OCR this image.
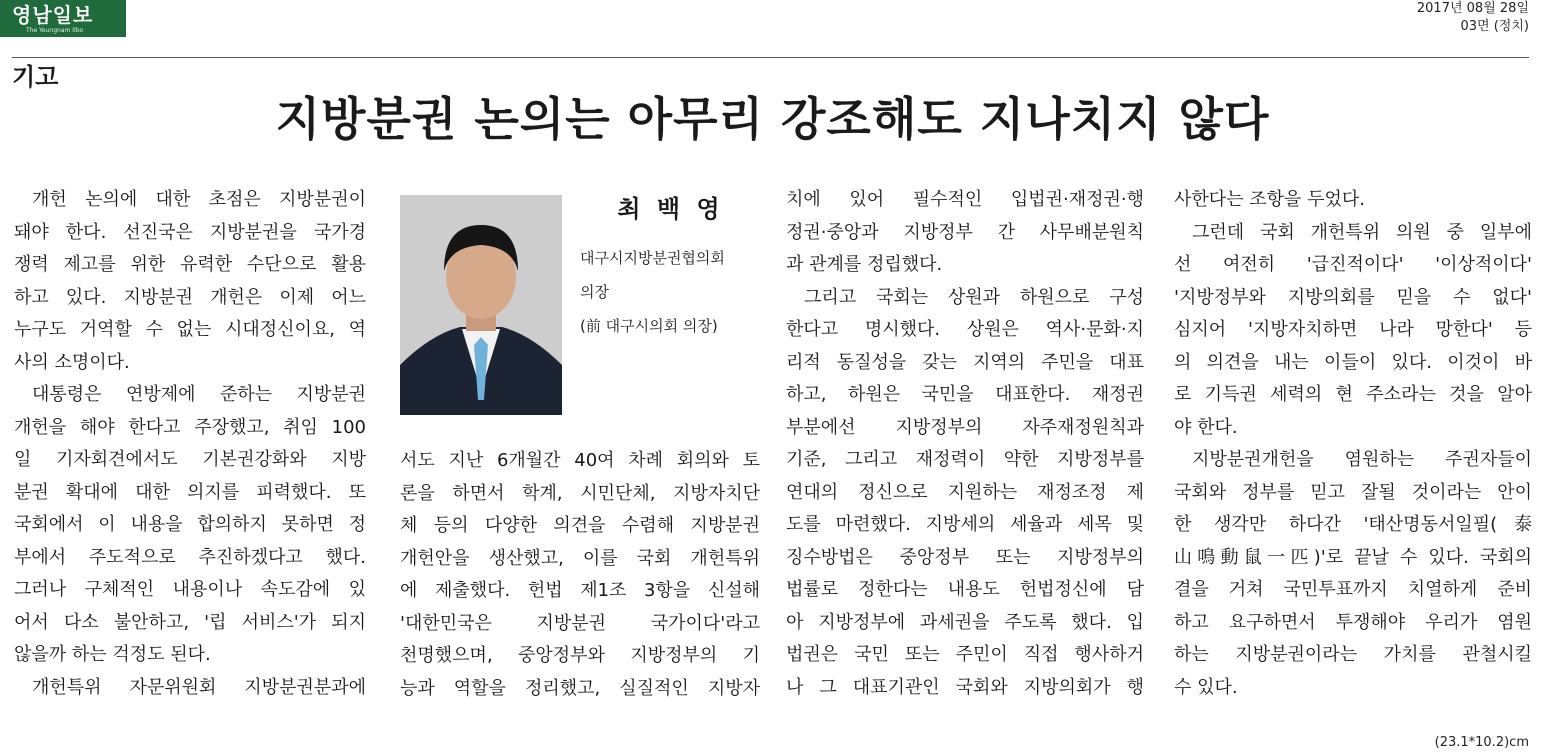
영남일보
The Yeungnam Ilbo
2017년 08월 28일
03면 (정치)
기고
지방분권 논의는 아무리 강조해도 지나치지 않다

개헌 논의에 대한 초점은 지방분권이

돼야 한다. 선진국은 지방분권을 국가경

쟁력 제고를 위한 유력한 수단으로 활용

하고 있다. 지방분권 개헌은 이제 어느

누구도 거역할 수 없는 시대정신이요, 역

사의 소명이다.

대통령은 연방제에 준하는 지방분권

개헌을 해야 한다고 주장했고, 취임 100

일 기자회견에서도 기본권강화와 지방

분권 확대에 대한 의지를 피력했다. 또

국회에서 이 내용을 합의하지 못하면 정

부에서 주도적으로 추진하겠다고 했다.

그러나 구체적인 내용이나 속도감에 있

어서 다소 불안하고, '립 서비스'가 되지

않을까 하는 걱정도 된다.

개헌특위 자문위원회 지방분권분과에

최 백 영
대구시지방분권협의회
의장
(前 대구시의회 의장)

서도 지난 6개월간 40여 차례 회의와 토

론을 하면서 학계, 시민단체, 지방자치단

체 등의 다양한 의견을 수렴해 지방분권

개헌안을 생산했고, 이를 국회 개헌특위

에 제출했다. 헌법 제1조 3항을 신설해

'대한민국은 지방분권 국가이다'라고

천명했으며, 중앙정부와 지방정부의 기

능과 역할을 정리했고, 실질적인 지방자

치에 있어 필수적인 입법권·재정권·행

정권·중앙과 지방정부 간 사무배분원칙

과 관계를 정립했다.

그리고 국회는 상원과 하원으로 구성

한다고 명시했다. 상원은 역사·문화·지

리적 동질성을 갖는 지역의 주민을 대표

하고, 하원은 국민을 대표한다. 재정권

부분에선 지방정부의 자주재정원칙과

기준, 그리고 재정력이 약한 지방정부를

연대의 정신으로 지원하는 재정조정 제

도를 마련했다. 지방세의 세율과 세목 및

징수방법은 중앙정부 또는 지방정부의

법률로 정한다는 내용도 헌법정신에 담

아 지방정부에 과세권을 주도록 했다. 입

법권은 국민 또는 주민이 직접 행사하거

나 그 대표기관인 국회와 지방의회가 행

사한다는 조항을 두었다.

그런데 국회 개헌특위 의원 중 일부에

선 여전히 '급진적이다' '이상적이다'

'지방정부와 지방의회를 믿을 수 없다'

심지어 '지방자치하면 나라 망한다' 등

의 의견을 내는 이들이 있다. 이것이 바

로 기득권 세력의 현 주소라는 것을 알아

야 한다.

지방분권개헌을 염원하는 주권자들이

국회와 정부를 믿고 잘될 것이라는 안이

한 생각만 하다간 '태산명동서일필(泰

山鳴動鼠一匹)'로 끝날 수 있다. 국회의

결을 거쳐 국민투표까지 치열하게 준비

하고 요구하면서 투쟁해야 우리가 염원

하는 지방분권이라는 가치를 관철시킬

수 있다.

(23.1*10.2)cm
